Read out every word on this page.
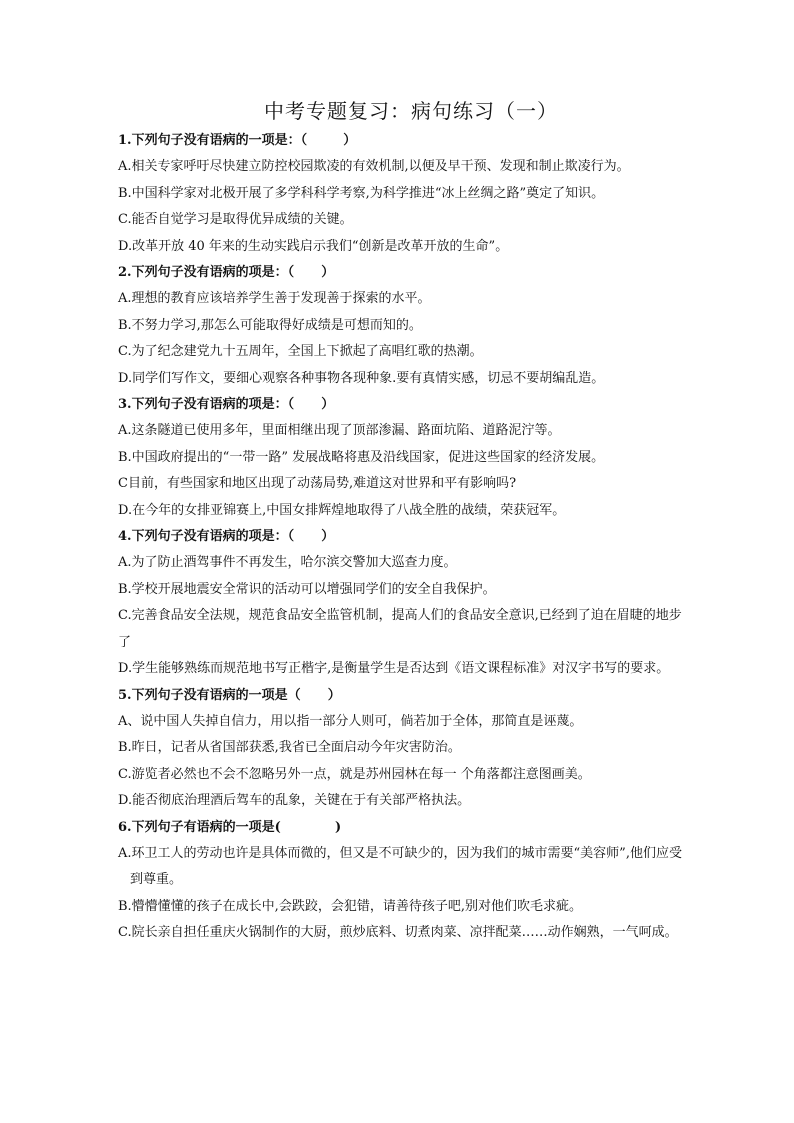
中考专题复习：病句练习（一）

1.下列句子没有语病的一项是：（        ）

A.相关专家呼吁尽快建立防控校园欺凌的有效机制,以便及早干预、发现和制止欺凌行为。

B.中国科学家对北极开展了多学科科学考察,为科学推进“冰上丝绸之路”奠定了知识。

C.能否自觉学习是取得优异成绩的关键。

D.改革开放 40 年来的生动实践启示我们“创新是改革开放的生命”。

2.下列句子没有语病的项是：（      ）

A.理想的教育应该培养学生善于发现善于探索的水平。

B.不努力学习,那怎么可能取得好成绩是可想而知的。

C.为了纪念建党九十五周年，全国上下掀起了高唱红歌的热潮。

D.同学们写作文，要细心观察各种事物各现种象.要有真情实感，切忌不要胡编乱造。

3.下列句子没有语病的项是：（      ）

A.这条隧道已使用多年，里面相继出现了顶部渗漏、路面坑陷、道路泥泞等。

B.中国政府提出的“一带一路” 发展战略将惠及沿线国家，促进这些国家的经济发展。

C目前，有些国家和地区出现了动荡局势,难道这对世界和平有影响吗?

D.在今年的女排亚锦赛上,中国女排辉煌地取得了八战全胜的战绩，荣获冠军。

4.下列句子没有语病的项是：（      ）

A.为了防止酒驾事件不再发生，哈尔滨交警加大巡查力度。

B.学校开展地震安全常识的活动可以增强同学们的安全自我保护。

C.完善食品安全法规，规范食品安全监管机制，提高人们的食品安全意识,已经到了迫在眉睫的地步了

D.学生能够熟练而规范地书写正楷字,是衡量学生是否达到《语文课程标准》对汉字书写的要求。

5.下列句子没有语病的一项是（      ）

A、说中国人失掉自信力，用以指一部分人则可，倘若加于全体，那简直是诬蔑。

B.昨日，记者从省国部获悉,我省已全面启动今年灾害防治。

C.游览者必然也不会不忽略另外一点，就是苏州园林在每一 个角落都注意图画美。

D.能否彻底治理酒后驾车的乱象，关键在于有关部严格执法。

6.下列句子有语病的一项是(            )

A.环卫工人的劳动也许是具体而微的，但又是不可缺少的，因为我们的城市需要“美容师”,他们应受到尊重。

B.懵懵懂懂的孩子在成长中,会跌跤，会犯错，请善待孩子吧,别对他们吹毛求疵。

C.院长亲自担任重庆火锅制作的大厨，煎炒底料、切煮肉菜、凉拌配菜……动作娴熟，一气呵成。
